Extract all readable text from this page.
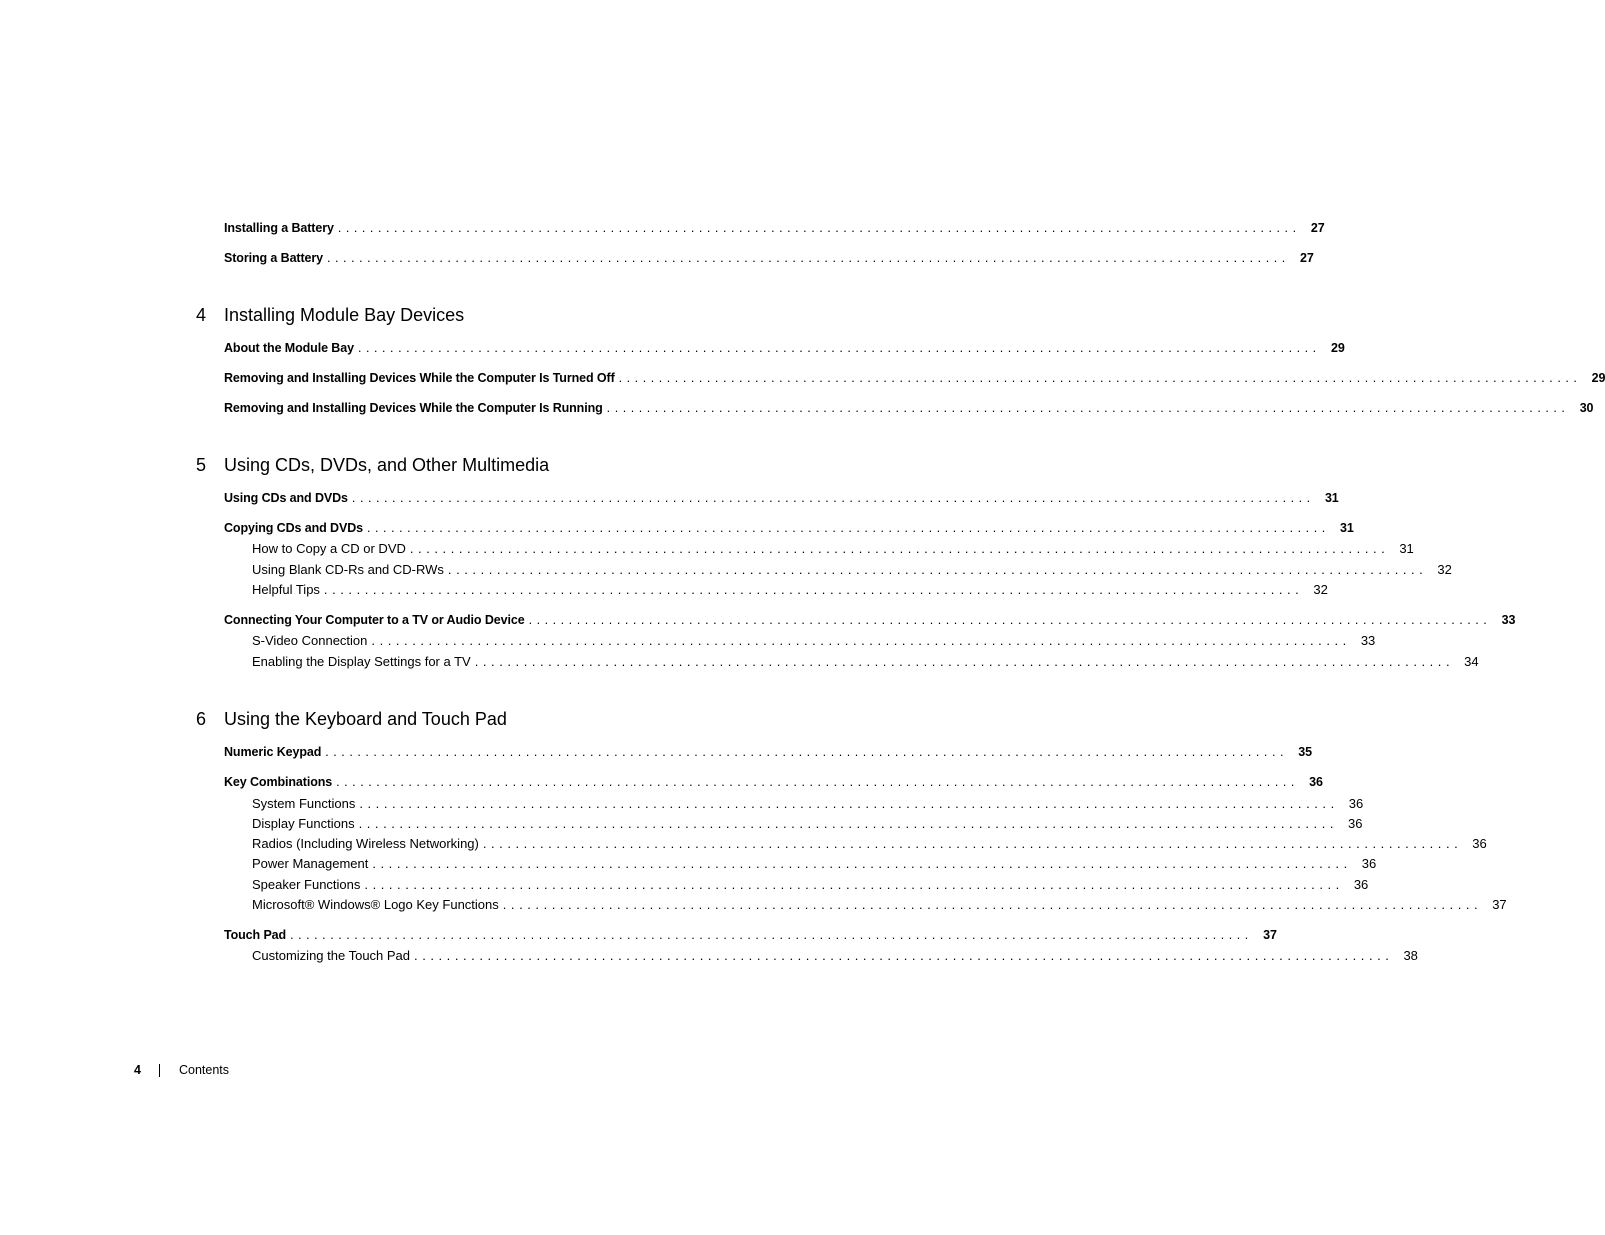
Installing a Battery ........................................................................................................................ 27
Storing a Battery ........................................................................................................................ 27
4 Installing Module Bay Devices
About the Module Bay ........................................................................................................................ 29
Removing and Installing Devices While the Computer Is Turned Off ........................................................................................................................ 29
Removing and Installing Devices While the Computer Is Running ........................................................................................................................ 30
5 Using CDs, DVDs, and Other Multimedia
Using CDs and DVDs ........................................................................................................................ 31
Copying CDs and DVDs ........................................................................................................................ 31
How to Copy a CD or DVD ........................................................................................................................ 31
Using Blank CD-Rs and CD-RWs ........................................................................................................................ 32
Helpful Tips ........................................................................................................................ 32
Connecting Your Computer to a TV or Audio Device ........................................................................................................................ 33
S-Video Connection ........................................................................................................................ 33
Enabling the Display Settings for a TV ........................................................................................................................ 34
6 Using the Keyboard and Touch Pad
Numeric Keypad ........................................................................................................................ 35
Key Combinations ........................................................................................................................ 36
System Functions ........................................................................................................................ 36
Display Functions ........................................................................................................................ 36
Radios (Including Wireless Networking) ........................................................................................................................ 36
Power Management ........................................................................................................................ 36
Speaker Functions ........................................................................................................................ 36
Microsoft® Windows® Logo Key Functions ........................................................................................................................ 37
Touch Pad ........................................................................................................................ 37
Customizing the Touch Pad ........................................................................................................................ 38
4	Contents
